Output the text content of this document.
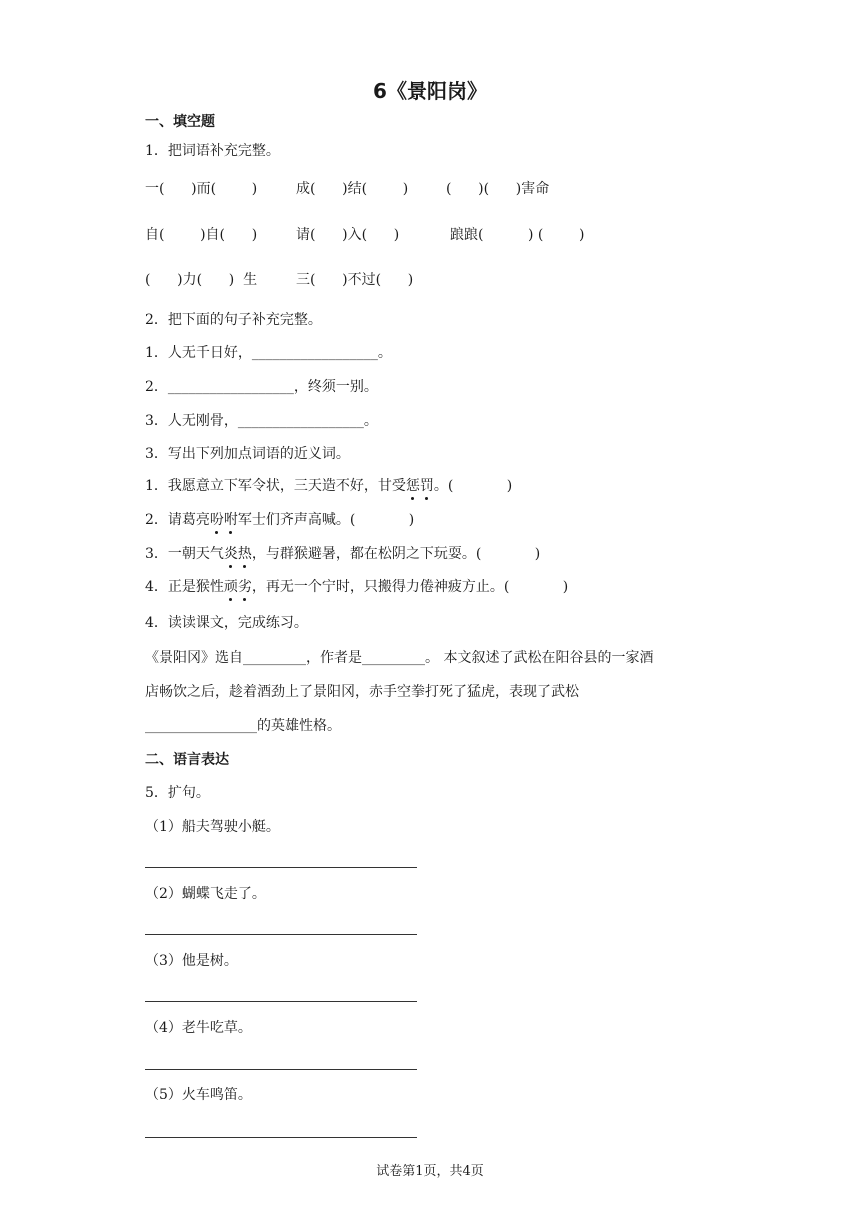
6《景阳岗》
一、填空题
1．把词语补充完整。
一(      )而(        )	成(      )结(        )	(      )(      )害命
自(        )自(      )	请(      )入(      )	踉踉(          ) (        )
(      )力(      )  生	三(      )不过(      )
2．把下面的句子补充完整。
1．人无千日好，__________________。
2．__________________，终须一别。
3．人无刚骨，__________________。
3．写出下列加点词语的近义词。
1．我愿意立下军令状，三天造不好，甘受惩罚。(            )
2．请葛亮吩咐军士们齐声高喊。(            )
3．一朝天气炎热，与群猴避暑，都在松阴之下玩耍。(            )
4．正是猴性顽劣，再无一个宁时，只搬得力倦神疲方止。(            )
4．读读课文，完成练习。
《景阳冈》选自_________，作者是_________。 本文叙述了武松在阳谷县的一家酒
店畅饮之后，趁着酒劲上了景阳冈，赤手空拳打死了猛虎，表现了武松
________________的英雄性格。
二、语言表达
5．扩句。
（1）船夫驾驶小艇。
（2）蝴蝶飞走了。
（3）他是树。
（4）老牛吃草。
（5）火车鸣笛。
试卷第1页，共4页
